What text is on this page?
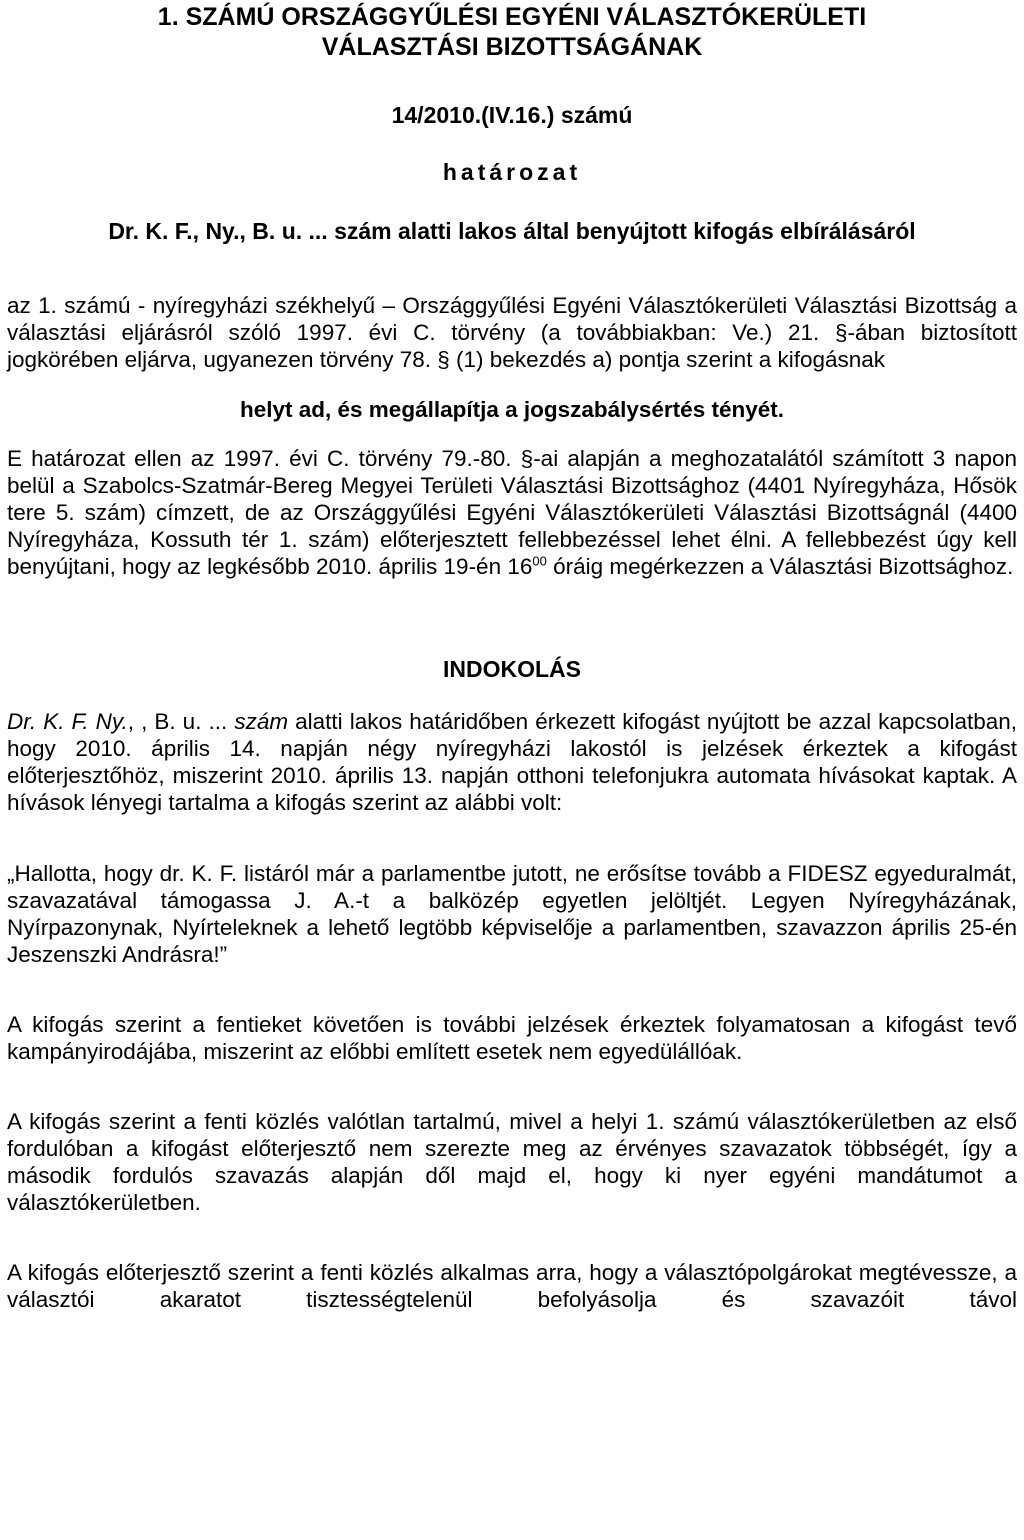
1. SZÁMÚ ORSZÁGGYŰLÉSI EGYÉNI VÁLASZTÓKERÜLETI
VÁLASZTÁSI BIZOTTSÁGÁNAK
14/2010.(IV.16.) számú
határozat
Dr. K. F., Ny., B. u. ... szám alatti lakos által benyújtott kifogás elbírálásáról

az 1. számú - nyíregyházi székhelyű – Országgyűlési Egyéni Választókerületi Választási Bizottság a választási eljárásról szóló 1997. évi C. törvény (a továbbiakban: Ve.) 21. §-ában biztosított jogkörében eljárva, ugyanezen törvény 78. § (1) bekezdés a) pontja szerint a kifogásnak

helyt ad, és megállapítja a jogszabálysértés tényét.

E határozat ellen az 1997. évi C. törvény 79.-80. §-ai alapján a meghozatalától számított 3 napon belül a Szabolcs-Szatmár-Bereg Megyei Területi Választási Bizottsághoz (4401 Nyíregyháza, Hősök tere 5. szám) címzett, de az Országgyűlési Egyéni Választókerületi Választási Bizottságnál (4400 Nyíregyháza, Kossuth tér 1. szám) előterjesztett fellebbezéssel lehet élni. A fellebbezést úgy kell benyújtani, hogy az legkésőbb 2010. április 19-én $16^{00}$ óráig megérkezzen a Választási Bizottsághoz.

INDOKOLÁS

Dr. K. F. Ny., , B. u. ... szám alatti lakos határidőben érkezett kifogást nyújtott be azzal kapcsolatban, hogy 2010. április 14. napján négy nyíregyházi lakostól is jelzések érkeztek a kifogást előterjesztőhöz, miszerint 2010. április 13. napján otthoni telefonjukra automata hívásokat kaptak. A hívások lényegi tartalma a kifogás szerint az alábbi volt:

„Hallotta, hogy dr. K. F. listáról már a parlamentbe jutott, ne erősítse tovább a FIDESZ egyeduralmát, szavazatával támogassa J. A.-t a balközép egyetlen jelöltjét. Legyen Nyíregyházának, Nyírpazonynak, Nyírteleknek a lehető legtöbb képviselője a parlamentben, szavazzon április 25-én Jeszenszki Andrásra!”

A kifogás szerint a fentieket követően is további jelzések érkeztek folyamatosan a kifogást tevő kampányirodájába, miszerint az előbbi említett esetek nem egyedülállóak.

A kifogás szerint a fenti közlés valótlan tartalmú, mivel a helyi 1. számú választókerületben az első fordulóban a kifogást előterjesztő nem szerezte meg az érvényes szavazatok többségét, így a második fordulós szavazás alapján dől majd el, hogy ki nyer egyéni mandátumot a választókerületben.

A kifogás előterjesztő szerint a fenti közlés alkalmas arra, hogy a választópolgárokat megtévessze, a választói akaratot tisztességtelenül befolyásolja és szavazóit távol
